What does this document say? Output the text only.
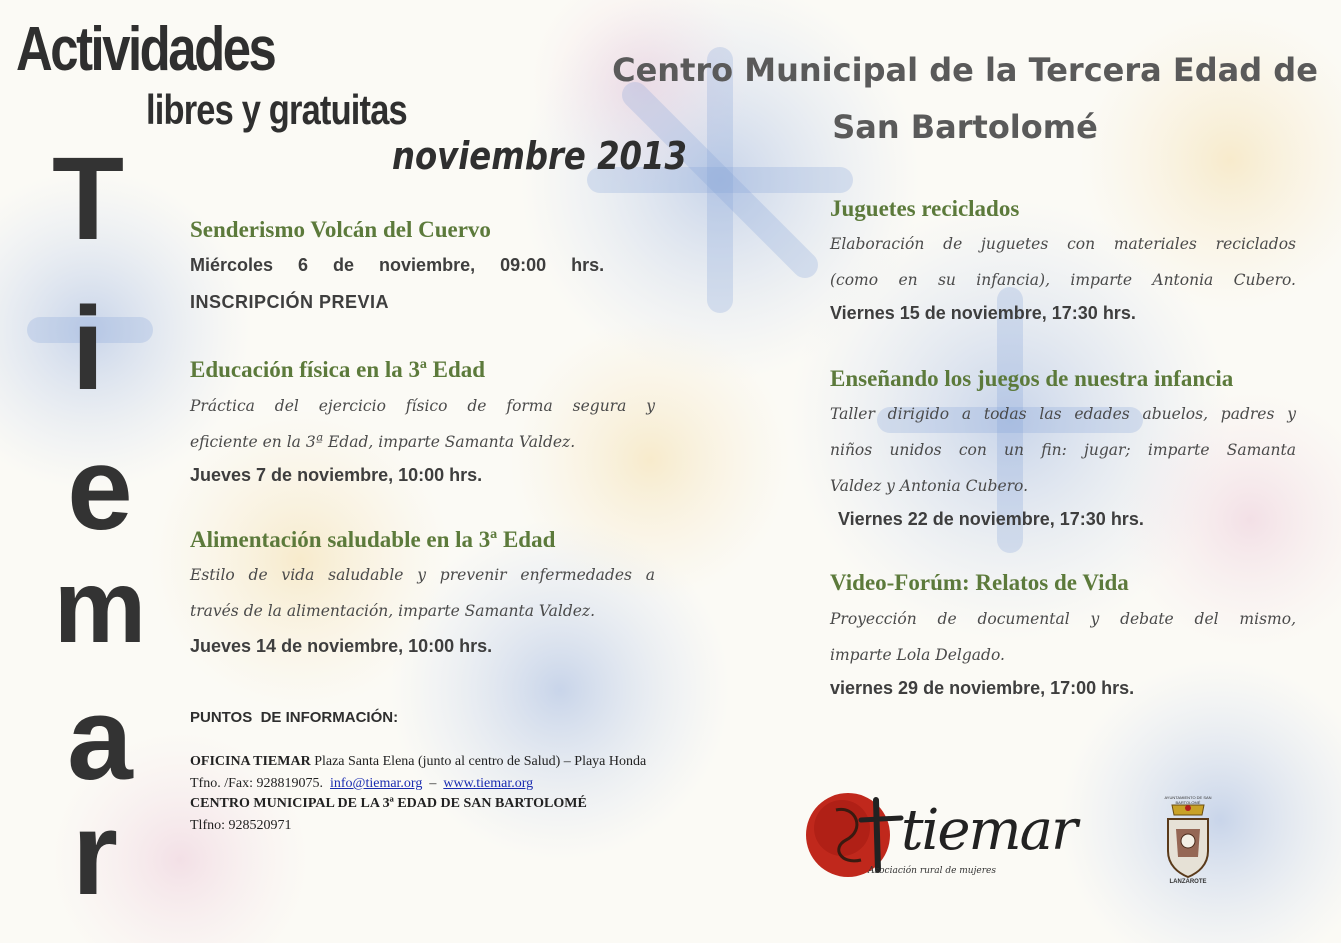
Actividades
libres y gratuitas
noviembre 2013
T
i
e
m
a
r
Centro Municipal de la Tercera Edad de
San Bartolomé
Senderismo Volcán del Cuervo
Miércoles 6 de noviembre, 09:00 hrs.
INSCRIPCIÓN PREVIA
Educación física en la 3ª Edad
Práctica del ejercicio físico de forma segura y
eficiente en la 3ª Edad, imparte Samanta Valdez.
Jueves 7 de noviembre, 10:00 hrs.
Alimentación saludable en la 3ª Edad
Estilo de vida saludable y prevenir enfermedades a
través de la alimentación, imparte Samanta Valdez.
Jueves 14 de noviembre, 10:00 hrs.
Juguetes reciclados
Elaboración de juguetes con materiales reciclados
(como en su infancia), imparte Antonia Cubero.
Viernes 15 de noviembre, 17:30 hrs.
Enseñando los juegos de nuestra infancia
Taller dirigido a todas las edades abuelos, padres y
niños unidos con un fin: jugar; imparte Samanta
Valdez y Antonia Cubero.
Viernes 22 de noviembre, 17:30 hrs.
Video-Forúm: Relatos de Vida
Proyección de documental y debate del mismo,
imparte Lola Delgado.
viernes 29 de noviembre, 17:00 hrs.
PUNTOS  DE INFORMACIÓN:
OFICINA TIEMAR Plaza Santa Elena (junto al centro de Salud) – Playa Honda
Tfno. /Fax: 928819075.  info@tiemar.org  –  www.tiemar.org
CENTRO MUNICIPAL DE LA 3ª EDAD DE SAN BARTOLOMÉ
Tlfno: 928520971	tiemar
Asociación rural de mujeres
AYUNTAMIENTO DE SAN BARTOLOMÉ
LANZAROTE
